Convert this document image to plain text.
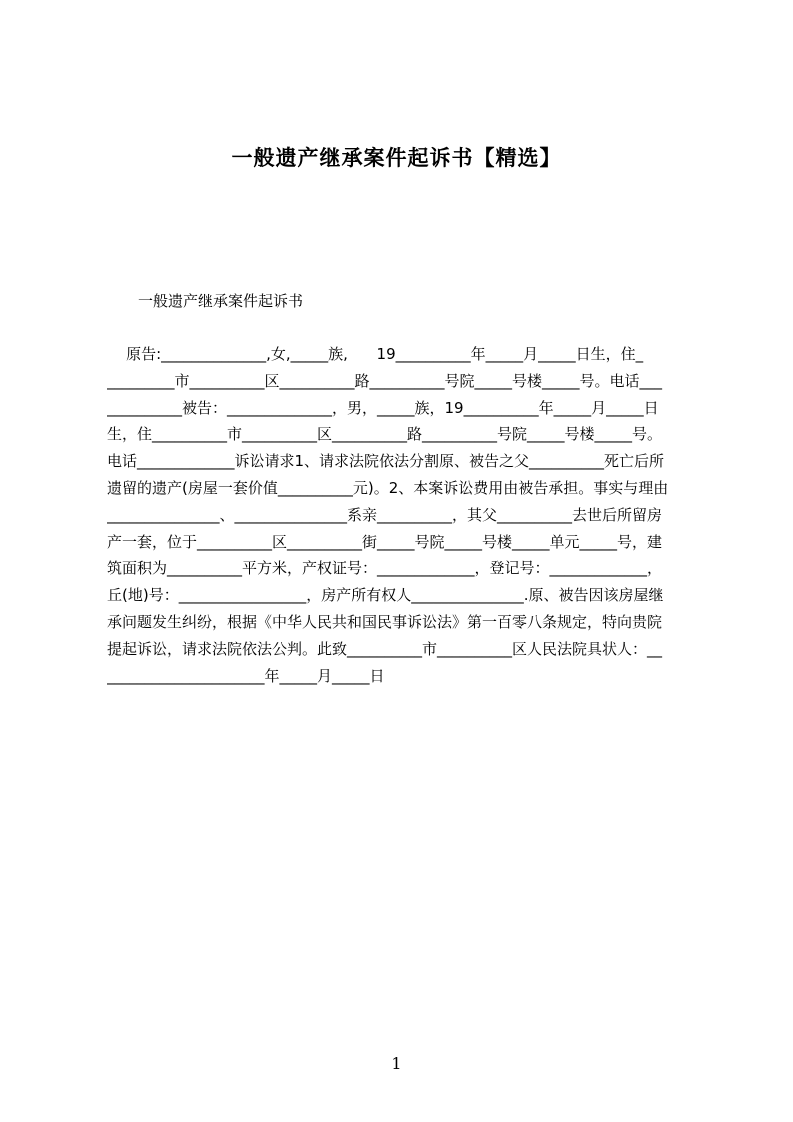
一般遗产继承案件起诉书【精选】

一般遗产继承案件起诉书

原告:______________,女,_____族,      19__________年_____月_____日生，住_
_________市__________区__________路__________号院_____号楼_____号。电话___
__________被告：______________，男，_____族，19__________年_____月_____日
生，住__________市__________区__________路__________号院_____号楼_____号。
电话_____________诉讼请求1、请求法院依法分割原、被告之父__________死亡后所
遗留的遗产(房屋一套价值__________元)。2、本案诉讼费用由被告承担。事实与理由
_______________、_______________系亲__________，其父__________去世后所留房
产一套，位于__________区__________街_____号院_____号楼_____单元_____号，建
筑面积为__________平方米，产权证号：_____________，登记号：_____________，
丘(地)号：_________________，房产所有权人_______________.原、被告因该房屋继
承问题发生纠纷，根据《中华人民共和国民事诉讼法》第一百零八条规定，特向贵院
提起诉讼，请求法院依法公判。此致__________市__________区人民法院具状人：__
_____________________年_____月_____日

1
